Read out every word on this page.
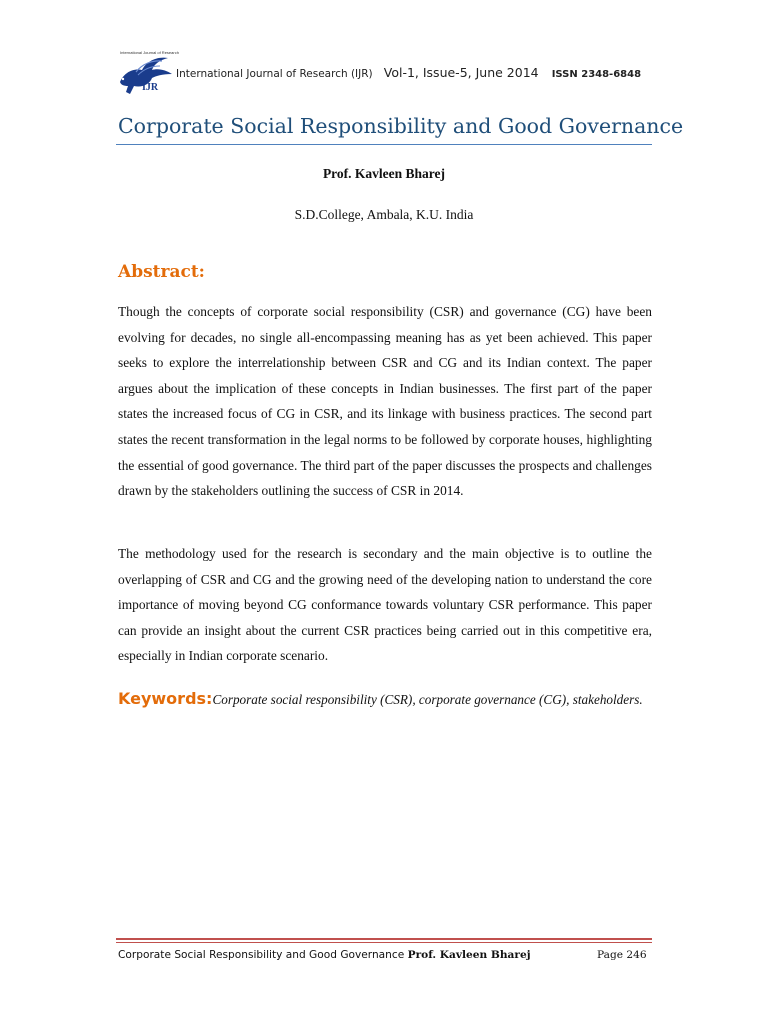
International Journal of Research
IJR
International Journal of Research (IJR) Vol-1, Issue-5, June 2014 ISSN 2348-6848
Corporate Social Responsibility and Good Governance
Prof. Kavleen Bharej
S.D.College, Ambala, K.U. India
Abstract:
Though the concepts of corporate social responsibility (CSR) and governance (CG) have been evolving for decades, no single all-encompassing meaning has as yet been achieved. This paper seeks to explore the interrelationship between CSR and CG and its Indian context. The paper argues about the implication of these concepts in Indian businesses. The first part of the paper states the increased focus of CG in CSR, and its linkage with business practices. The second part states the recent transformation in the legal norms to be followed by corporate houses, highlighting the essential of good governance. The third part of the paper discusses the prospects and challenges drawn by the stakeholders outlining the success of CSR in 2014.
The methodology used for the research is secondary and the main objective is to outline the overlapping of CSR and CG and the growing need of the developing nation to understand the core importance of moving beyond CG conformance towards voluntary CSR performance. This paper can provide an insight about the current CSR practices being carried out in this competitive era, especially in Indian corporate scenario.
Keywords:Corporate social responsibility (CSR), corporate governance (CG), stakeholders.
Corporate Social Responsibility and Good Governance Prof. Kavleen Bharej	Page 246
